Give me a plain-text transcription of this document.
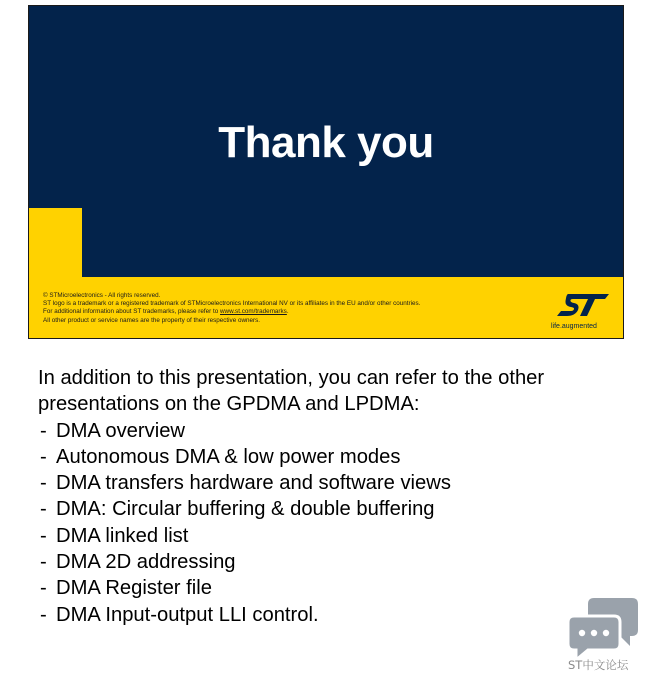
Thank you
© STMicroelectronics - All rights reserved.
ST logo is a trademark or a registered trademark of STMicroelectronics International NV or its affiliates in the EU and/or other countries.
For additional information about ST trademarks, please refer to www.st.com/trademarks.
All other product or service names are the property of their respective owners.
life.augmented

In addition to this presentation, you can refer to the other presentations on the GPDMA and LPDMA:

- DMA overview
- Autonomous DMA & low power modes
- DMA transfers hardware and software views
- DMA: Circular buffering & double buffering
- DMA linked list
- DMA 2D addressing
- DMA Register file
- DMA Input-output LLI control.
ST中文论坛
